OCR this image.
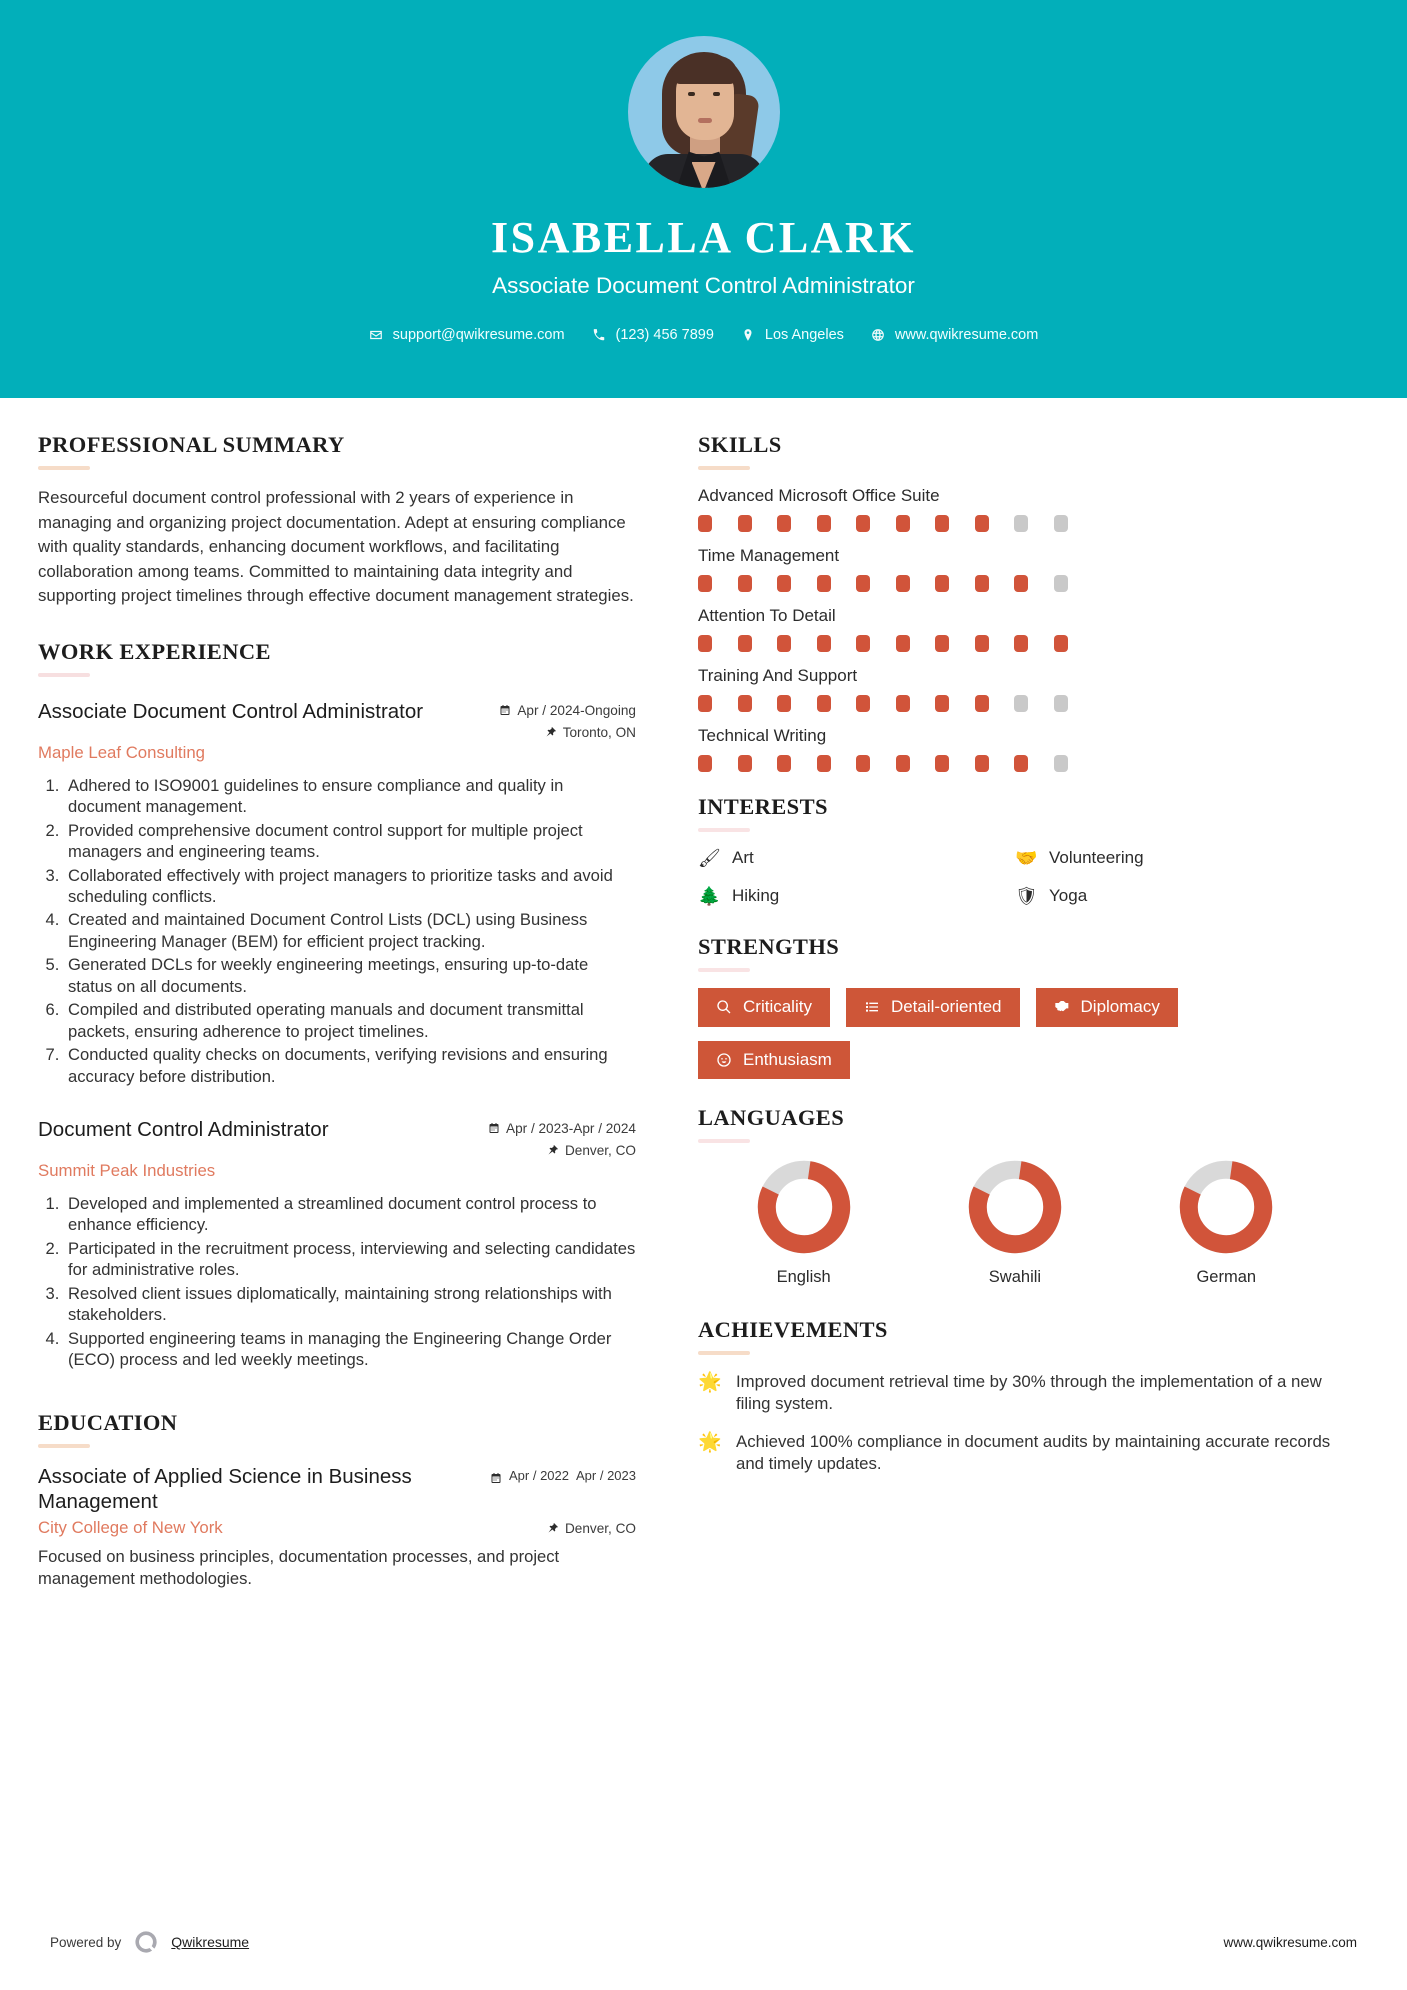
ISABELLA CLARK
Associate Document Control Administrator
support@qwikresume.com	(123) 456 7899	Los Angeles	www.qwikresume.com
PROFESSIONAL SUMMARY

Resourceful document control professional with 2 years of experience in managing and organizing project documentation. Adept at ensuring compliance with quality standards, enhancing document workflows, and facilitating collaboration among teams. Committed to maintaining data integrity and supporting project timelines through effective document management strategies.

WORK EXPERIENCE
Associate Document Control Administrator	Apr / 2024-Ongoing
Toronto, ON
Maple Leaf Consulting
1. Adhered to ISO9001 guidelines to ensure compliance and quality in document management.
2. Provided comprehensive document control support for multiple project managers and engineering teams.
3. Collaborated effectively with project managers to prioritize tasks and avoid scheduling conflicts.
4. Created and maintained Document Control Lists (DCL) using Business Engineering Manager (BEM) for efficient project tracking.
5. Generated DCLs for weekly engineering meetings, ensuring up-to-date status on all documents.
6. Compiled and distributed operating manuals and document transmittal packets, ensuring adherence to project timelines.
7. Conducted quality checks on documents, verifying revisions and ensuring accuracy before distribution.
Document Control Administrator	Apr / 2023-Apr / 2024
Denver, CO
Summit Peak Industries
1. Developed and implemented a streamlined document control process to enhance efficiency.
2. Participated in the recruitment process, interviewing and selecting candidates for administrative roles.
3. Resolved client issues diplomatically, maintaining strong relationships with stakeholders.
4. Supported engineering teams in managing the Engineering Change Order (ECO) process and led weekly meetings.
EDUCATION
Associate of Applied Science in Business Management
Apr / 2022 Apr / 2023
City College of New York	Denver, CO
Focused on business principles, documentation processes, and project management methodologies.
SKILLS
Advanced Microsoft Office Suite
Time Management
Attention To Detail
Training And Support
Technical Writing
INTERESTS
🖌 Art	🤝 Volunteering
🌲 Hiking	🛡 Yoga
STRENGTHS
Criticality	Detail-oriented	Diplomacy
Enthusiasm
LANGUAGES
English	Swahili	German
ACHIEVEMENTS
🌟 Improved document retrieval time by 30% through the implementation of a new filing system.
🌟 Achieved 100% compliance in document audits by maintaining accurate records and timely updates.
Powered by	Qwikresume	www.qwikresume.com
